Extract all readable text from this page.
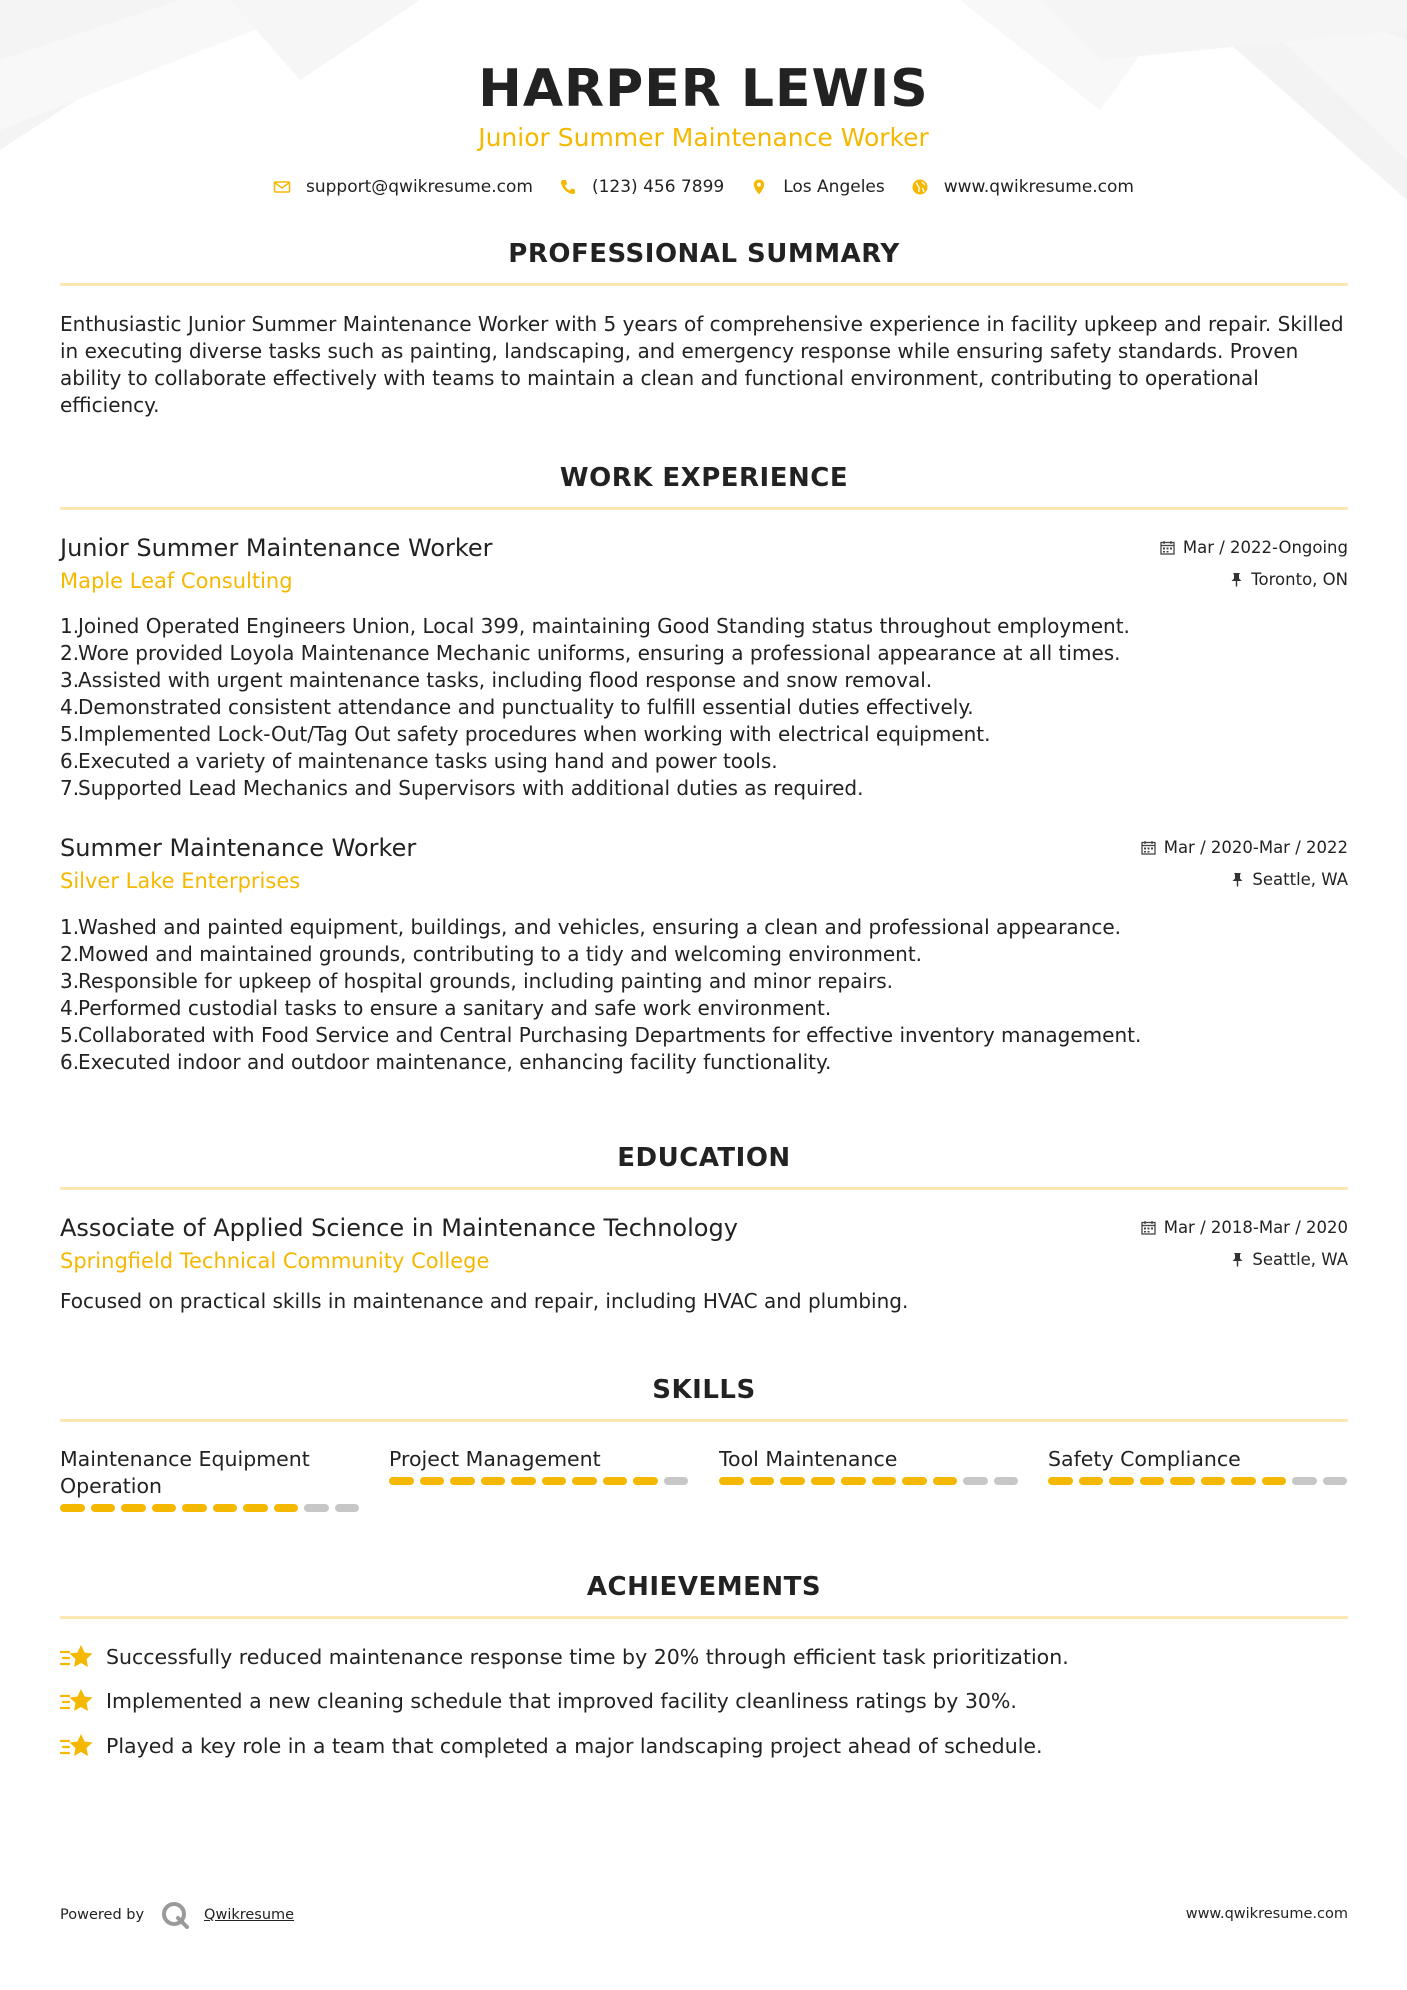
HARPER LEWIS
Junior Summer Maintenance Worker
support@qwikresume.com	(123) 456 7899	Los Angeles	www.qwikresume.com
PROFESSIONAL SUMMARY
Enthusiastic Junior Summer Maintenance Worker with 5 years of comprehensive experience in facility upkeep and repair. Skilled in executing diverse tasks such as painting, landscaping, and emergency response while ensuring safety standards. Proven ability to collaborate effectively with teams to maintain a clean and functional environment, contributing to operational efficiency.
WORK EXPERIENCE
Junior Summer Maintenance Worker
Maple Leaf Consulting
Mar / 2022-Ongoing
Toronto, ON
1.
Joined Operated Engineers Union, Local 399, maintaining Good Standing status throughout employment.
2.
Wore provided Loyola Maintenance Mechanic uniforms, ensuring a professional appearance at all times.
3.
Assisted with urgent maintenance tasks, including flood response and snow removal.
4.
Demonstrated consistent attendance and punctuality to fulfill essential duties effectively.
5.
Implemented Lock-Out/Tag Out safety procedures when working with electrical equipment.
6.
Executed a variety of maintenance tasks using hand and power tools.
7.
Supported Lead Mechanics and Supervisors with additional duties as required.
Summer Maintenance Worker
Silver Lake Enterprises
Mar / 2020-Mar / 2022
Seattle, WA
1.
Washed and painted equipment, buildings, and vehicles, ensuring a clean and professional appearance.
2.
Mowed and maintained grounds, contributing to a tidy and welcoming environment.
3.
Responsible for upkeep of hospital grounds, including painting and minor repairs.
4.
Performed custodial tasks to ensure a sanitary and safe work environment.
5.
Collaborated with Food Service and Central Purchasing Departments for effective inventory management.
6.
Executed indoor and outdoor maintenance, enhancing facility functionality.
EDUCATION
Associate of Applied Science in Maintenance Technology
Springfield Technical Community College
Mar / 2018-Mar / 2020
Seattle, WA
Focused on practical skills in maintenance and repair, including HVAC and plumbing.
SKILLS
Maintenance Equipment Operation
Project Management	Tool Maintenance	Safety Compliance
ACHIEVEMENTS
Successfully reduced maintenance response time by 20% through efficient task prioritization.
Implemented a new cleaning schedule that improved facility cleanliness ratings by 30%.
Played a key role in a team that completed a major landscaping project ahead of schedule.
Powered by	Qwikresume	www.qwikresume.com
